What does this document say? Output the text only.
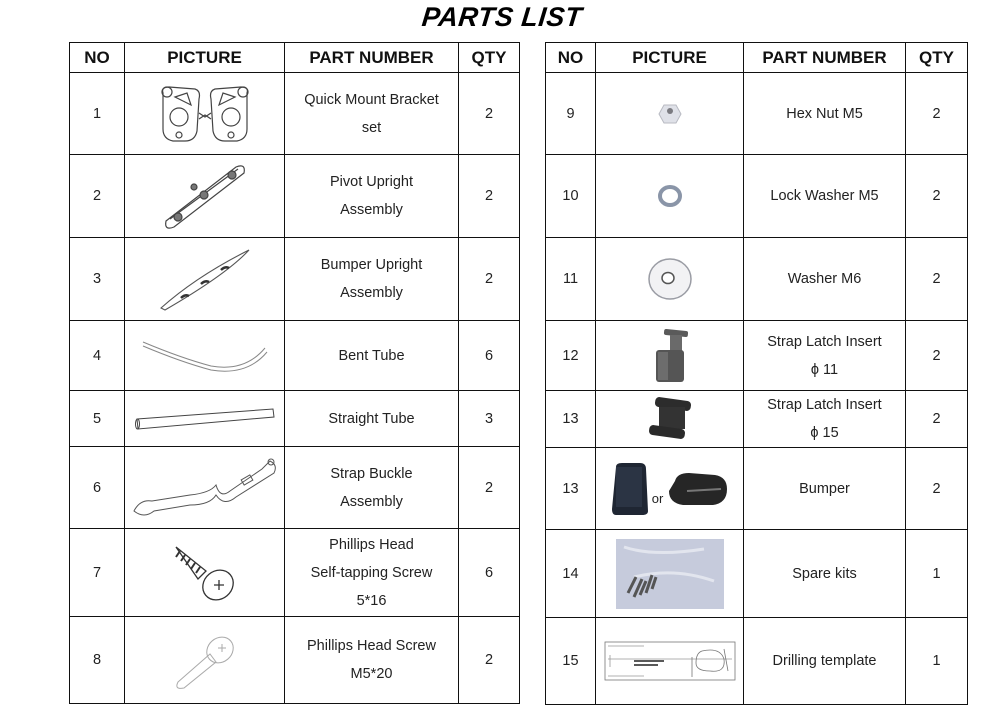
PARTS LIST
NO	PICTURE	PART NUMBER	QTY
1		Quick Mount Bracket
set	2
2		Pivot Upright
Assembly	2
3		Bumper Upright
Assembly	2
4		Bent Tube	6
5		Straight Tube	3
6		Strap Buckle
Assembly	2
7		Phillips Head
Self-tapping Screw
5*16	6
8		Phillips Head Screw
M5*20	2
NO	PICTURE	PART NUMBER	QTY
9		Hex Nut M5	2
10		Lock Washer M5	2
11		Washer M6	2
12		Strap Latch Insert
ϕ 11	2
13		Strap Latch Insert
ϕ 15	2
13	or	Bumper	2
14		Spare kits	1
15		Drilling template	1
